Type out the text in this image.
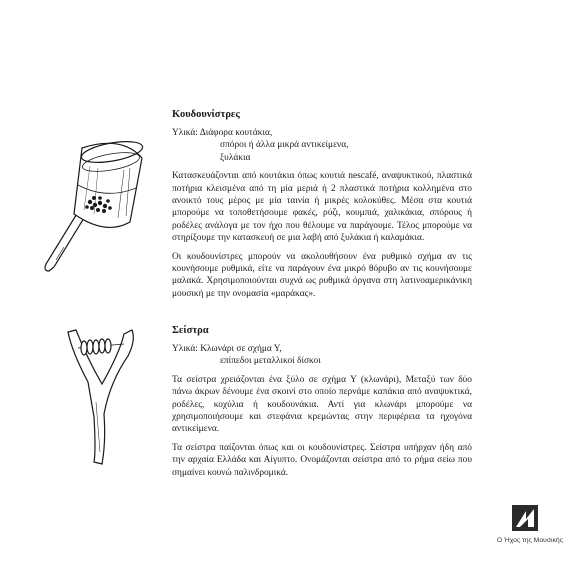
Κουδουνίστρες
Υλικά: Διάφορα κουτάκια,
σπόροι ή άλλα μικρά αντικείμενα,
ξυλάκια

Κατασκευάζονται από κουτάκια όπως κουτιά nescafé, αναψυκτικού, πλαστικά ποτήρια κλεισμένα από τη μία μεριά ή 2 πλαστικά ποτήρια κολλημένα στο ανοικτό τους μέρος με μία ταινία ή μικρές κολοκύθες. Μέσα στα κουτιά μπορούμε να τοποθετήσουμε φακές, ρύζι, κουμπιά, χαλικάκια, σπόρους ή ροδέλες ανάλογα με τον ήχο που θέλουμε να παράγουμε. Τέλος μπορούμε να στηρίξουμε την κατασκευή σε μια λαβή από ξυλάκια ή καλαμάκια.

Οι κουδουνίστρες μπορούν να ακολουθήσουν ένα ρυθμικό σχήμα αν τις κουνήσουμε ρυθμικά, είτε να παράγουν ένα μικρό θόρυβο αν τις κουνήσουμε μαλακά. Χρησιμοποιούνται συχνά ως ρυθμικά όργανα στη λατινοαμερικάνικη μουσική με την ονομασία «μαράκας».

Σείστρα
Υλικά: Κλωνάρι σε σχήμα Υ,
επίπεδοι μεταλλικοί δίσκοι

Τα σείστρα χρειάζονται ένα ξύλο σε σχήμα Υ (κλωνάρι), Μεταξύ των δύο πάνω άκρων δένουμε ένα σκοινί στο οποίο περνάμε καπάκια από αναψυκτικά, ροδέλες, κοχύλια ή κουδουνάκια. Αντί για κλωνάρι μπορούμε να χρησιμοποιήσουμε και στεφάνια κρεμώντας στην περιφέρεια τα ηχογόνα αντικείμενα.

Τα σείστρα παίζονται όπως και οι κουδουνίστρες. Σείστρα υπήρχαν ήδη από την αρχαία Ελλάδα και Αίγυπτο. Ονομάζονται σείστρα από το ρήμα σείω που σημαίνει κουνώ παλινδρομικά.

Ο Ήχος της Μουσικής
